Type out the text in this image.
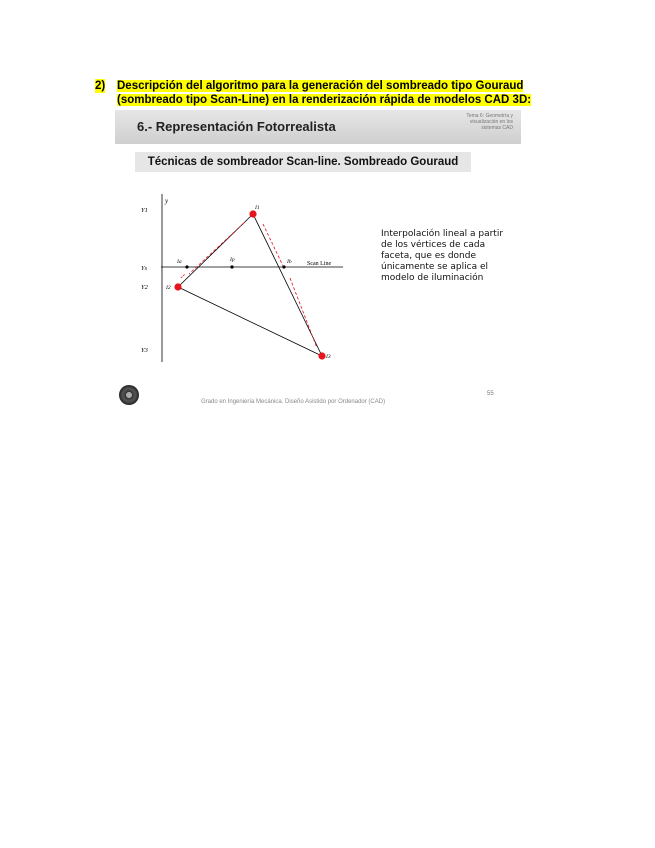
2) Descripción del algoritmo para la generación del sombreado tipo Gouraud (sombreado tipo Scan-Line) en la renderización rápida de modelos CAD 3D:
6.- Representación Fotorrealista
Tema 6: Geometría y visualización en los sistemas CAD
Técnicas de sombreador Scan-line. Sombreado Gouraud
y
Y1
Ys
Y2
Y3
Scan Line
I1
I2
I3
Ia	Ip	Ib
Interpolación lineal a partir de los vértices de cada faceta, que es donde únicamente se aplica el modelo de iluminación
Grado en Ingeniería Mecánica. Diseño Asistido por Ordenador (CAD)
55
